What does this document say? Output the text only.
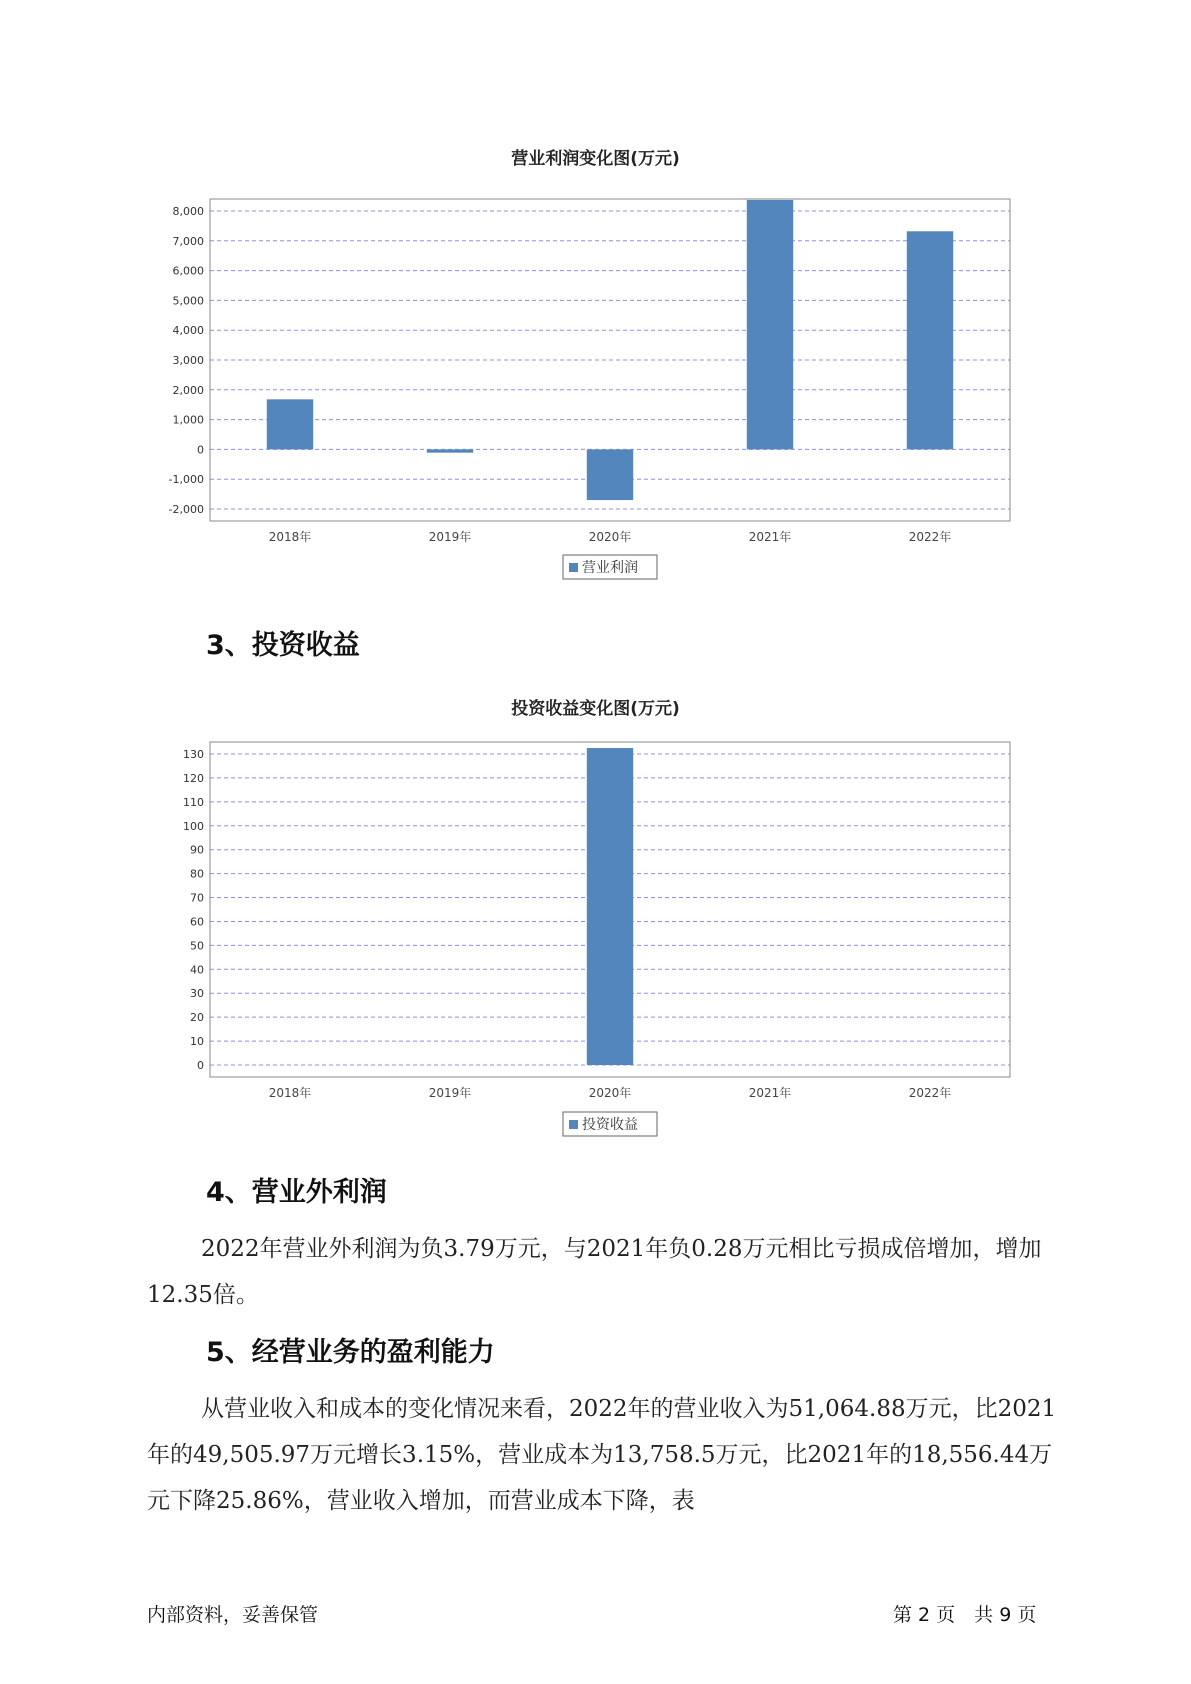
营业利润变化图(万元)
8,000
7,000
6,000
5,000
4,000
3,000
2,000
1,000
0
-1,000
-2,000
2018年	2019年	2020年	2021年	2022年
营业利润
3、投资收益
投资收益变化图(万元)
130
120
110
100
90
80
70
60
50
40
30
20
10
0
2018年	2019年	2020年	2021年	2022年
投资收益
4、营业外利润

2022年营业外利润为负3.79万元，与2021年负0.28万元相比亏损成倍增加，增加12.35倍。

5、经营业务的盈利能力

从营业收入和成本的变化情况来看，2022年的营业收入为51,064.88万元，比2021年的49,505.97万元增长3.15%，营业成本为13,758.5万元，比2021年的18,556.44万元下降25.86%，营业收入增加，而营业成本下降，表

内部资料，妥善保管	第 2 页　共 9 页
